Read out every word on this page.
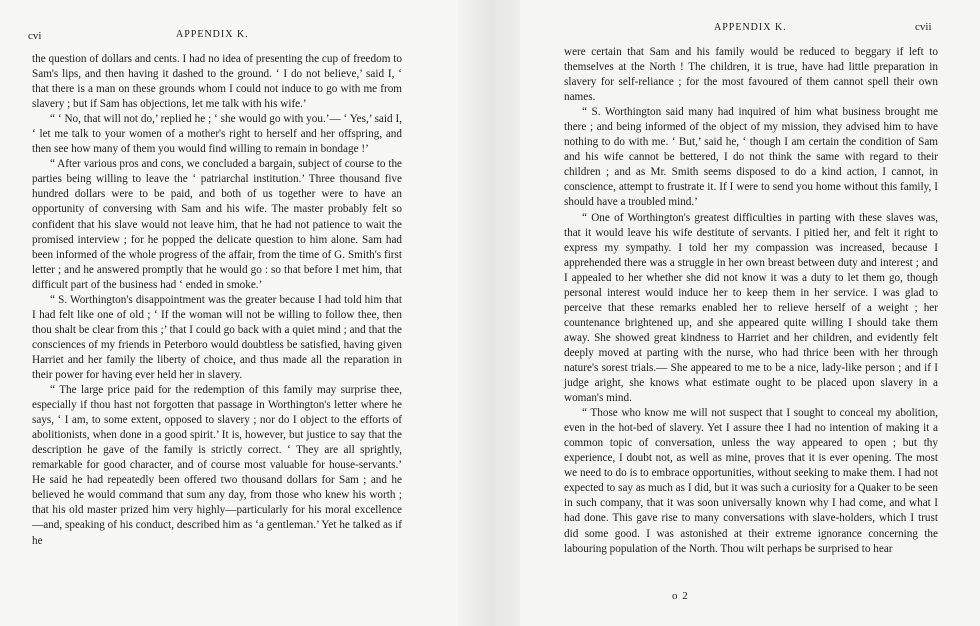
cvi	APPENDIX K.

the question of dollars and cents. I had no idea of presenting the cup of freedom to Sam's lips, and then having it dashed to the ground. ‘ I do not believe,’ said I, ‘ that there is a man on these grounds whom I could not induce to go with me from slavery ; but if Sam has objections, let me talk with his wife.’

“ ‘ No, that will not do,’ replied he ; ‘ she would go with you.’— ‘ Yes,’ said I, ‘ let me talk to your women of a mother's right to herself and her offspring, and then see how many of them you would find willing to remain in bondage !’

“ After various pros and cons, we concluded a bargain, subject of course to the parties being willing to leave the ‘ patriarchal institution.’ Three thousand five hundred dollars were to be paid, and both of us together were to have an opportunity of conversing with Sam and his wife. The master probably felt so confident that his slave would not leave him, that he had not patience to wait the promised interview ; for he popped the delicate question to him alone. Sam had been informed of the whole progress of the affair, from the time of G. Smith's first letter ; and he answered promptly that he would go : so that before I met him, that difficult part of the business had ‘ ended in smoke.’

“ S. Worthington's disappointment was the greater because I had told him that I had felt like one of old ; ‘ If the woman will not be willing to follow thee, then thou shalt be clear from this ;’ that I could go back with a quiet mind ; and that the consciences of my friends in Peterboro would doubtless be satisfied, having given Harriet and her family the liberty of choice, and thus made all the reparation in their power for having ever held her in slavery.

“ The large price paid for the redemption of this family may surprise thee, especially if thou hast not forgotten that passage in Worthington's letter where he says, ‘ I am, to some extent, opposed to slavery ; nor do I object to the efforts of abolitionists, when done in a good spirit.’ It is, however, but justice to say that the description he gave of the family is strictly correct. ‘ They are all sprightly, remarkable for good character, and of course most valuable for house-servants.’ He said he had repeatedly been offered two thousand dollars for Sam ; and he believed he would command that sum any day, from those who knew his worth ; that his old master prized him very highly—particularly for his moral excellence—and, speaking of his conduct, described him as ‘a gentleman.’ Yet he talked as if he

APPENDIX K.	cvii

were certain that Sam and his family would be reduced to beggary if left to themselves at the North ! The children, it is true, have had little preparation in slavery for self-reliance ; for the most favoured of them cannot spell their own names.

“ S. Worthington said many had inquired of him what business brought me there ; and being informed of the object of my mission, they advised him to have nothing to do with me. ‘ But,’ said he, ‘ though I am certain the condition of Sam and his wife cannot be bettered, I do not think the same with regard to their children ; and as Mr. Smith seems disposed to do a kind action, I cannot, in conscience, attempt to frustrate it. If I were to send you home without this family, I should have a troubled mind.’

“ One of Worthington's greatest difficulties in parting with these slaves was, that it would leave his wife destitute of servants. I pitied her, and felt it right to express my sympathy. I told her my compassion was increased, because I apprehended there was a struggle in her own breast between duty and interest ; and I appealed to her whether she did not know it was a duty to let them go, though personal interest would induce her to keep them in her service. I was glad to perceive that these remarks enabled her to relieve herself of a weight ; her countenance brightened up, and she appeared quite willing I should take them away. She showed great kindness to Harriet and her children, and evidently felt deeply moved at parting with the nurse, who had thrice been with her through nature's sorest trials.— She appeared to me to be a nice, lady-like person ; and if I judge aright, she knows what estimate ought to be placed upon slavery in a woman's mind.

“ Those who know me will not suspect that I sought to conceal my abolition, even in the hot-bed of slavery. Yet I assure thee I had no intention of making it a common topic of conversation, unless the way appeared to open ; but thy experience, I doubt not, as well as mine, proves that it is ever opening. The most we need to do is to embrace opportunities, without seeking to make them. I had not expected to say as much as I did, but it was such a curiosity for a Quaker to be seen in such company, that it was soon universally known why I had come, and what I had done. This gave rise to many conversations with slave-holders, which I trust did some good. I was astonished at their extreme ignorance concerning the labouring population of the North. Thou wilt perhaps be surprised to hear

o 2
